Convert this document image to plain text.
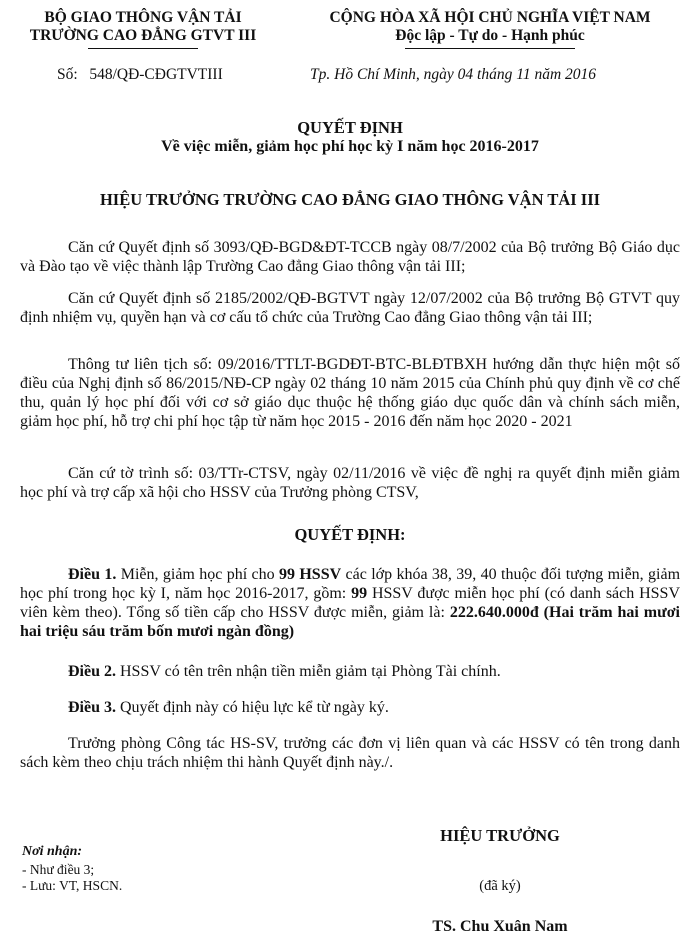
BỘ GIAO THÔNG VẬN TẢI
TRƯỜNG CAO ĐẲNG GTVT III
Số: 548/QĐ-CĐGTVTIII
CỘNG HÒA XÃ HỘI CHỦ NGHĨA VIỆT NAM
Độc lập - Tự do - Hạnh phúc
Tp. Hồ Chí Minh, ngày 04 tháng 11 năm 2016
QUYẾT ĐỊNH
Về việc miễn, giảm học phí học kỳ I năm học 2016-2017
HIỆU TRƯỞNG TRƯỜNG CAO ĐẲNG GIAO THÔNG VẬN TẢI III
Căn cứ Quyết định số 3093/QĐ-BGD&ĐT-TCCB ngày 08/7/2002 của Bộ trưởng Bộ Giáo dục và Đào tạo về việc thành lập Trường Cao đẳng Giao thông vận tải III;
Căn cứ Quyết định số 2185/2002/QĐ-BGTVT ngày 12/07/2002 của Bộ trưởng Bộ GTVT quy định nhiệm vụ, quyền hạn và cơ cấu tổ chức của Trường Cao đẳng Giao thông vận tải III;
Thông tư liên tịch số: 09/2016/TTLT-BGDĐT-BTC-BLĐTBXH hướng dẫn thực hiện một số điều của Nghị định số 86/2015/NĐ-CP ngày 02 tháng 10 năm 2015 của Chính phủ quy định về cơ chế thu, quản lý học phí đối với cơ sở giáo dục thuộc hệ thống giáo dục quốc dân và chính sách miễn, giảm học phí, hỗ trợ chi phí học tập từ năm học 2015 - 2016 đến năm học 2020 - 2021
Căn cứ tờ trình số: 03/TTr-CTSV, ngày 02/11/2016 về việc đề nghị ra quyết định miễn giảm học phí và trợ cấp xã hội cho HSSV của Trưởng phòng CTSV,
QUYẾT ĐỊNH:
Điều 1. Miễn, giảm học phí cho 99 HSSV các lớp khóa 38, 39, 40 thuộc đối tượng miễn, giảm học phí trong học kỳ I, năm học 2016-2017, gồm: 99 HSSV được miễn học phí (có danh sách HSSV viên kèm theo). Tổng số tiền cấp cho HSSV được miễn, giảm là: 222.640.000đ (Hai trăm hai mươi hai triệu sáu trăm bốn mươi ngàn đồng)
Điều 2. HSSV có tên trên nhận tiền miễn giảm tại Phòng Tài chính.
Điều 3. Quyết định này có hiệu lực kể từ ngày ký.
Trưởng phòng Công tác HS-SV, trưởng các đơn vị liên quan và các HSSV có tên trong danh sách kèm theo chịu trách nhiệm thi hành Quyết định này./.
Nơi nhận:
- Như điều 3;
- Lưu: VT, HSCN.
HIỆU TRƯỞNG
(đã ký)
TS. Chu Xuân Nam
